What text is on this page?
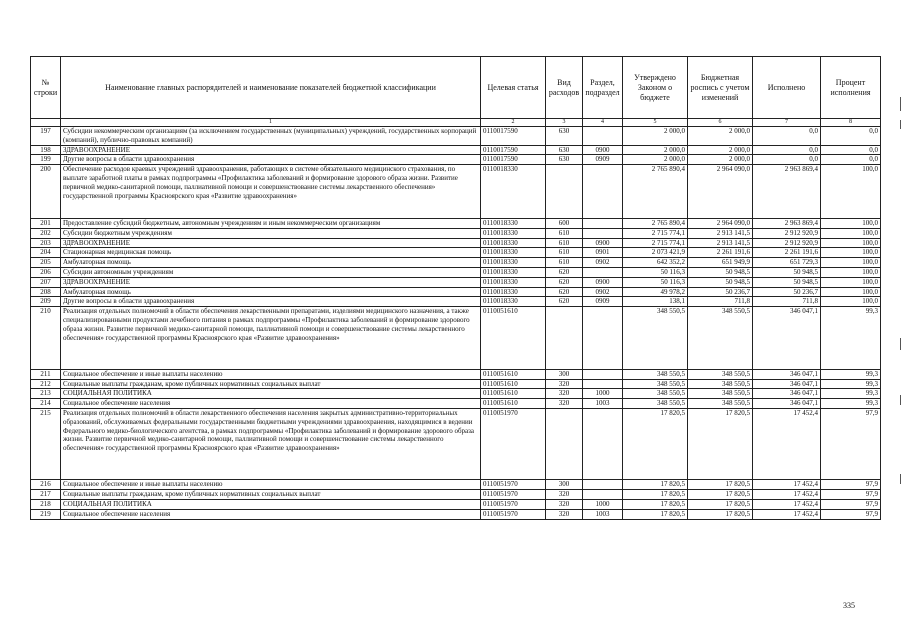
№ строки	Наименование главных распорядителей и наименование показателей бюджетной классификации	Целевая статья	Вид расходов	Раздел, подраздел	Утверждено Законом о бюджете	Бюджетная роспись с учетом изменений	Исполнено	Процент исполнения
	1	2	3	4	5	6	7	8
197	Субсидии некоммерческим организациям (за исключением государственных (муниципальных) учреждений, государственных корпораций (компаний), публично-правовых компаний)	0110017590	630		2 000,0	2 000,0	0,0	0,0
198	ЗДРАВООХРАНЕНИЕ	0110017590	630	0900	2 000,0	2 000,0	0,0	0,0
199	Другие вопросы в области здравоохранения	0110017590	630	0909	2 000,0	2 000,0	0,0	0,0
200	Обеспечение расходов краевых учреждений здравоохранения, работающих в системе обязательного медицинского страхования, по выплате заработной платы в рамках подпрограммы «Профилактика заболеваний и формирование здорового образа жизни. Развитие первичной медико-санитарной помощи, паллиативной помощи и совершенствование системы лекарственного обеспечения» государственной программы Красноярского края «Развитие здравоохранения»	0110018330			2 765 890,4	2 964 090,0	2 963 869,4	100,0
201	Предоставление субсидий бюджетным, автономным учреждениям и иным некоммерческим организациям	0110018330	600		2 765 890,4	2 964 090,0	2 963 869,4	100,0
202	Субсидии бюджетным учреждениям	0110018330	610		2 715 774,1	2 913 141,5	2 912 920,9	100,0
203	ЗДРАВООХРАНЕНИЕ	0110018330	610	0900	2 715 774,1	2 913 141,5	2 912 920,9	100,0
204	Стационарная медицинская помощь	0110018330	610	0901	2 073 421,9	2 261 191,6	2 261 191,6	100,0
205	Амбулаторная помощь	0110018330	610	0902	642 352,2	651 949,9	651 729,3	100,0
206	Субсидии автономным учреждениям	0110018330	620		50 116,3	50 948,5	50 948,5	100,0
207	ЗДРАВООХРАНЕНИЕ	0110018330	620	0900	50 116,3	50 948,5	50 948,5	100,0
208	Амбулаторная помощь	0110018330	620	0902	49 978,2	50 236,7	50 236,7	100,0
209	Другие вопросы в области здравоохранения	0110018330	620	0909	138,1	711,8	711,8	100,0
210	Реализация отдельных полномочий в области обеспечения лекарственными препаратами, изделиями медицинского назначения, а также специализированными продуктами лечебного питания в рамках подпрограммы «Профилактика заболеваний и формирование здорового образа жизни. Развитие первичной медико-санитарной помощи, паллиативной помощи и совершенствование системы лекарственного обеспечения» государственной программы Красноярского края «Развитие здравоохранения»	0110051610			348 550,5	348 550,5	346 047,1	99,3
211	Социальное обеспечение и иные выплаты населению	0110051610	300		348 550,5	348 550,5	346 047,1	99,3
212	Социальные выплаты гражданам, кроме публичных нормативных социальных выплат	0110051610	320		348 550,5	348 550,5	346 047,1	99,3
213	СОЦИАЛЬНАЯ ПОЛИТИКА	0110051610	320	1000	348 550,5	348 550,5	346 047,1	99,3
214	Социальное обеспечение населения	0110051610	320	1003	348 550,5	348 550,5	346 047,1	99,3
215	Реализация отдельных полномочий в области лекарственного обеспечения населения закрытых административно-территориальных образований, обслуживаемых федеральными государственными бюджетными учреждениями здравоохранения, находящимися в ведении Федерального медико-биологического агентства, в рамках подпрограммы «Профилактика заболеваний и формирование здорового образа жизни. Развитие первичной медико-санитарной помощи, паллиативной помощи и совершенствование системы лекарственного обеспечения» государственной программы Красноярского края «Развитие здравоохранения»	0110051970			17 820,5	17 820,5	17 452,4	97,9
216	Социальное обеспечение и иные выплаты населению	0110051970	300		17 820,5	17 820,5	17 452,4	97,9
217	Социальные выплаты гражданам, кроме публичных нормативных социальных выплат	0110051970	320		17 820,5	17 820,5	17 452,4	97,9
218	СОЦИАЛЬНАЯ ПОЛИТИКА	0110051970	320	1000	17 820,5	17 820,5	17 452,4	97,9
219	Социальное обеспечение населения	0110051970	320	1003	17 820,5	17 820,5	17 452,4	97,9
335
